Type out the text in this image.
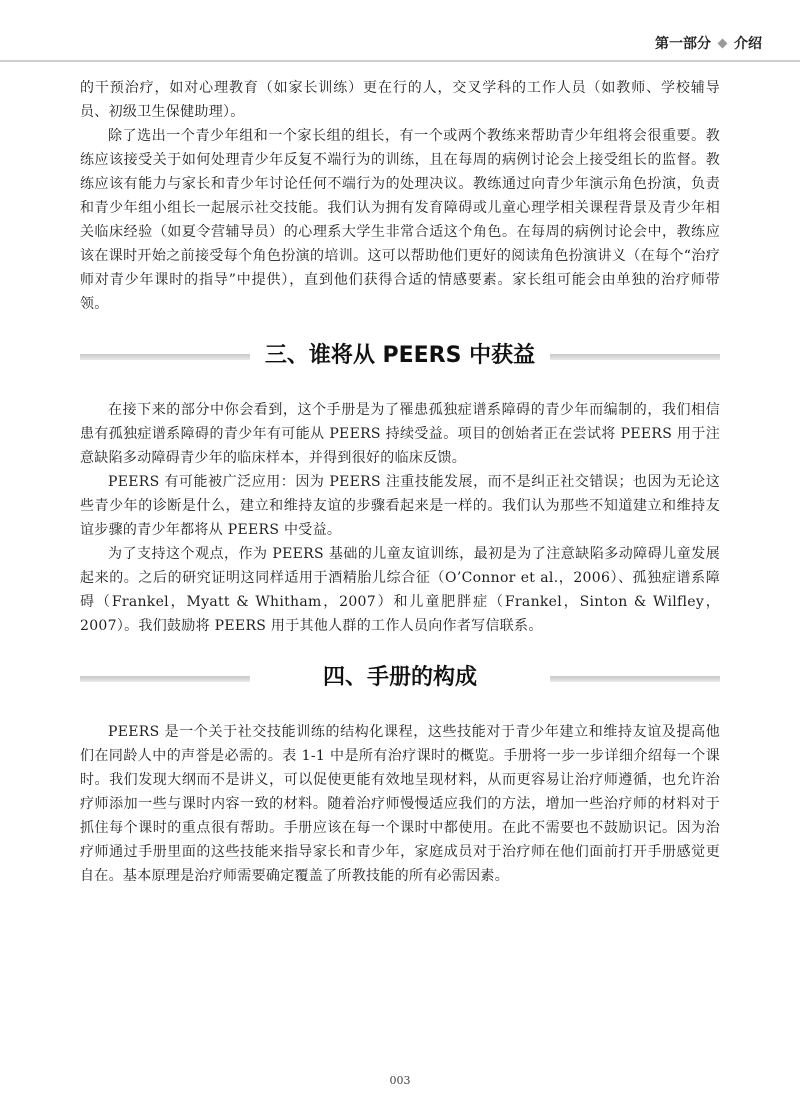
第一部分 介绍

的干预治疗，如对心理教育（如家长训练）更在行的人，交叉学科的工作人员（如教师、学校辅导员、初级卫生保健助理）。

除了选出一个青少年组和一个家长组的组长，有一个或两个教练来帮助青少年组将会很重要。教练应该接受关于如何处理青少年反复不端行为的训练，且在每周的病例讨论会上接受组长的监督。教练应该有能力与家长和青少年讨论任何不端行为的处理决议。教练通过向青少年演示角色扮演，负责和青少年组小组长一起展示社交技能。我们认为拥有发育障碍或儿童心理学相关课程背景及青少年相关临床经验（如夏令营辅导员）的心理系大学生非常合适这个角色。在每周的病例讨论会中，教练应该在课时开始之前接受每个角色扮演的培训。这可以帮助他们更好的阅读角色扮演讲义（在每个“治疗师对青少年课时的指导”中提供），直到他们获得合适的情感要素。家长组可能会由单独的治疗师带领。

三、谁将从 PEERS 中获益

在接下来的部分中你会看到，这个手册是为了罹患孤独症谱系障碍的青少年而编制的，我们相信患有孤独症谱系障碍的青少年有可能从 PEERS 持续受益。项目的创始者正在尝试将 PEERS 用于注意缺陷多动障碍青少年的临床样本，并得到很好的临床反馈。

PEERS 有可能被广泛应用：因为 PEERS 注重技能发展，而不是纠正社交错误；也因为无论这些青少年的诊断是什么，建立和维持友谊的步骤看起来是一样的。我们认为那些不知道建立和维持友谊步骤的青少年都将从 PEERS 中受益。

为了支持这个观点，作为 PEERS 基础的儿童友谊训练，最初是为了注意缺陷多动障碍儿童发展起来的。之后的研究证明这同样适用于酒精胎儿综合征（O’Connor et al.，2006）、孤独症谱系障碍（Frankel，Myatt & Whitham，2007）和儿童肥胖症（Frankel，Sinton & Wilfley，2007）。我们鼓励将 PEERS 用于其他人群的工作人员向作者写信联系。

四、手册的构成

PEERS 是一个关于社交技能训练的结构化课程，这些技能对于青少年建立和维持友谊及提高他们在同龄人中的声誉是必需的。表 1-1 中是所有治疗课时的概览。手册将一步一步详细介绍每一个课时。我们发现大纲而不是讲义，可以促使更能有效地呈现材料，从而更容易让治疗师遵循，也允许治疗师添加一些与课时内容一致的材料。随着治疗师慢慢适应我们的方法，增加一些治疗师的材料对于抓住每个课时的重点很有帮助。手册应该在每一个课时中都使用。在此不需要也不鼓励识记。因为治疗师通过手册里面的这些技能来指导家长和青少年，家庭成员对于治疗师在他们面前打开手册感觉更自在。基本原理是治疗师需要确定覆盖了所教技能的所有必需因素。

003
